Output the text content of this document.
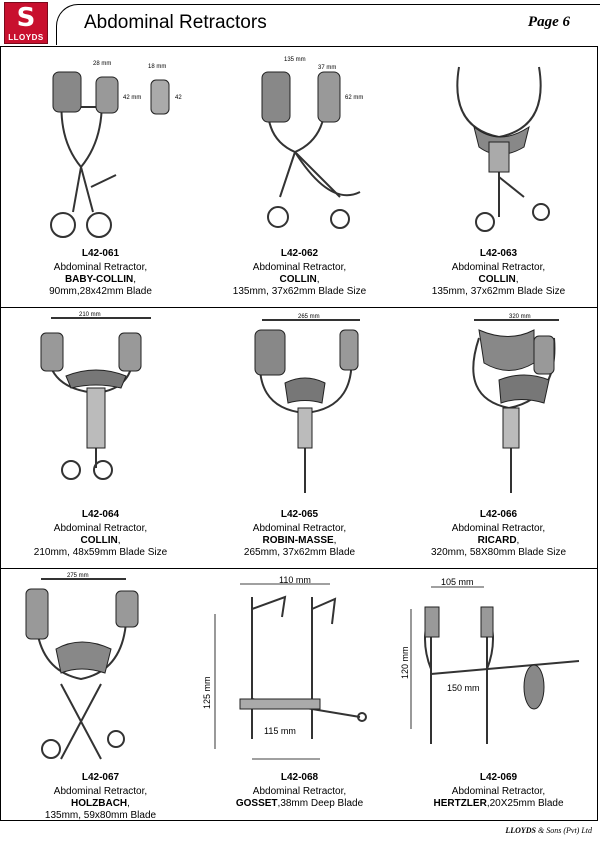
S
LLOYDS
Abdominal Retractors	Page 6
28 mm
42 mm
18 mm
42
L42-061
Abdominal Retractor,
BABY-COLLIN,
90mm,28x42mm Blade
135 mm
37 mm
62 mm
L42-062
Abdominal Retractor,
COLLIN,
135mm, 37x62mm Blade Size
L42-063
Abdominal Retractor,
COLLIN,
135mm, 37x62mm Blade Size
210 mm
L42-064
Abdominal Retractor,
COLLIN,
210mm, 48x59mm Blade Size
265 mm
L42-065
Abdominal Retractor,
ROBIN-MASSE,
265mm, 37x62mm Blade
320 mm
L42-066
Abdominal Retractor,
RICARD,
320mm, 58X80mm Blade Size
275 mm
L42-067
Abdominal Retractor,
HOLZBACH,
135mm, 59x80mm Blade
110 mm
125 mm
115 mm
L42-068
Abdominal Retractor,
GOSSET,38mm Deep Blade
105 mm
120 mm
150 mm
L42-069
Abdominal Retractor,
HERTZLER,20X25mm Blade
LLOYDS & Sons (Pvt) Ltd
